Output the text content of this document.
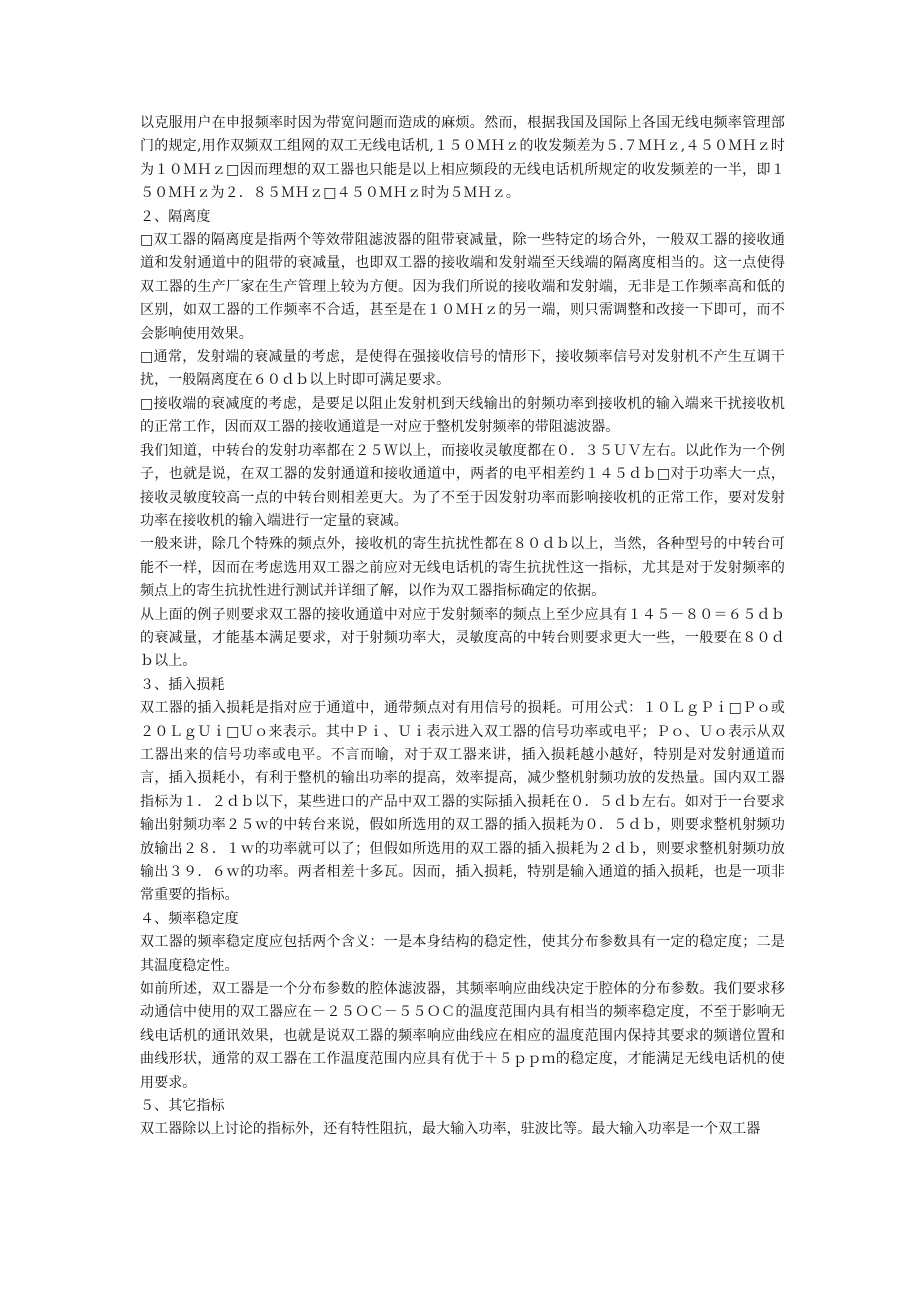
以克服用户在申报频率时因为带宽问题而造成的麻烦。然而，根据我国及国际上各国无线电频率管理部门的规定,用作双频双工组网的双工无线电话机,１５０ＭＨｚ的收发频差为５.７ＭＨｚ,４５０ＭＨｚ时为１０ＭＨｚ□因而理想的双工器也只能是以上相应频段的无线电话机所规定的收发频差的一半，即１５０ＭＨｚ为２．８５ＭＨｚ□４５０ＭＨｚ时为５ＭＨｚ。

２、隔离度

□双工器的隔离度是指两个等效带阻滤波器的阻带衰减量，除一些特定的场合外，一般双工器的接收通道和发射通道中的阻带的衰减量，也即双工器的接收端和发射端至天线端的隔离度相当的。这一点使得双工器的生产厂家在生产管理上较为方便。因为我们所说的接收端和发射端，无非是工作频率高和低的区别，如双工器的工作频率不合适，甚至是在１０ＭＨｚ的另一端，则只需调整和改接一下即可，而不会影响使用效果。

□通常，发射端的衰减量的考虑，是使得在强接收信号的情形下，接收频率信号对发射机不产生互调干扰，一般隔离度在６０ｄｂ以上时即可满足要求。

□接收端的衰减度的考虑，是要足以阻止发射机到天线输出的射频功率到接收机的输入端来干扰接收机的正常工作，因而双工器的接收通道是一对应于整机发射频率的带阻滤波器。

我们知道，中转台的发射功率都在２５Ｗ以上，而接收灵敏度都在０．３５ＵＶ左右。以此作为一个例子，也就是说，在双工器的发射通道和接收通道中，两者的电平相差约１４５ｄｂ□对于功率大一点，接收灵敏度较高一点的中转台则相差更大。为了不至于因发射功率而影响接收机的正常工作，要对发射功率在接收机的输入端进行一定量的衰减。

一般来讲，除几个特殊的频点外，接收机的寄生抗扰性都在８０ｄｂ以上，当然，各种型号的中转台可能不一样，因而在考虑选用双工器之前应对无线电话机的寄生抗扰性这一指标，尤其是对于发射频率的频点上的寄生抗扰性进行测试并详细了解，以作为双工器指标确定的依据。

从上面的例子则要求双工器的接收通道中对应于发射频率的频点上至少应具有１４５－８０＝６５ｄｂ的衰减量，才能基本满足要求，对于射频功率大，灵敏度高的中转台则要求更大一些，一般要在８０ｄｂ以上。

３、插入损耗

双工器的插入损耗是指对应于通道中，通带频点对有用信号的损耗。可用公式：１０ＬｇＰｉ□Ｐｏ或２０ＬｇＵｉ□Ｕｏ来表示。其中Ｐｉ、Ｕｉ表示进入双工器的信号功率或电平；Ｐｏ、Ｕｏ表示从双工器出来的信号功率或电平。不言而喻，对于双工器来讲，插入损耗越小越好，特别是对发射通道而言，插入损耗小，有利于整机的输出功率的提高，效率提高，减少整机射频功放的发热量。国内双工器指标为１．２ｄｂ以下，某些进口的产品中双工器的实际插入损耗在０．５ｄｂ左右。如对于一台要求输出射频功率２５ｗ的中转台来说，假如所选用的双工器的插入损耗为０．５ｄｂ，则要求整机射频功放输出２８．１ｗ的功率就可以了；但假如所选用的双工器的插入损耗为２ｄｂ，则要求整机射频功放输出３９．６ｗ的功率。两者相差十多瓦。因而，插入损耗，特别是输入通道的插入损耗，也是一项非常重要的指标。

４、频率稳定度

双工器的频率稳定度应包括两个含义：一是本身结构的稳定性，使其分布参数具有一定的稳定度；二是其温度稳定性。

如前所述，双工器是一个分布参数的腔体滤波器，其频率响应曲线决定于腔体的分布参数。我们要求移动通信中使用的双工器应在－２５ＯＣ－５５ＯＣ的温度范围内具有相当的频率稳定度，不至于影响无线电话机的通讯效果，也就是说双工器的频率响应曲线应在相应的温度范围内保持其要求的频谱位置和曲线形状，通常的双工器在工作温度范围内应具有优于＋５ｐｐｍ的稳定度，才能满足无线电话机的使用要求。

５、其它指标

双工器除以上讨论的指标外，还有特性阻抗，最大输入功率，驻波比等。最大输入功率是一个双工器
